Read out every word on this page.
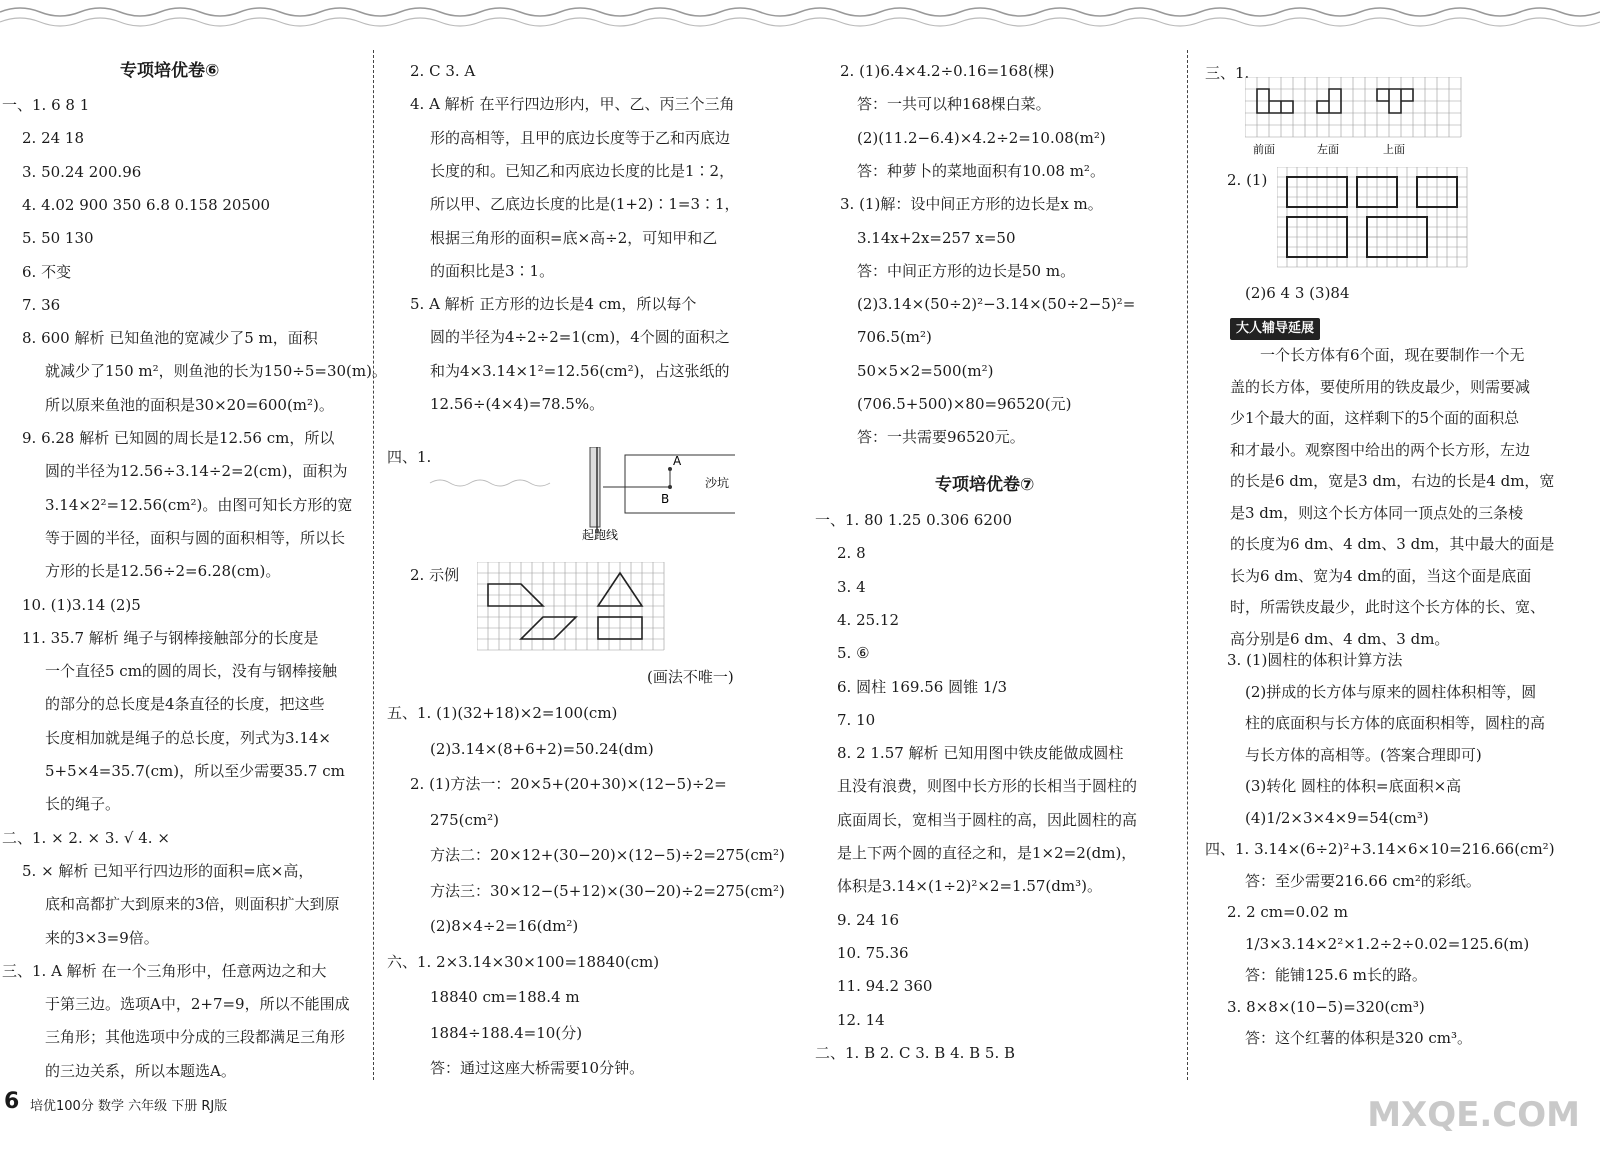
专项培优卷⑥
一、1. 6 8 1
2. 24 18
3. 50.24 200.96
4. 4.02 900 350 6.8 0.158 20500
5. 50 130
6. 不变
7. 36
8. 600 解析 已知鱼池的宽减少了5 m，面积
就减少了150 m²，则鱼池的长为150÷5=30(m)。
所以原来鱼池的面积是30×20=600(m²)。
9. 6.28 解析 已知圆的周长是12.56 cm，所以
圆的半径为12.56÷3.14÷2=2(cm)，面积为
3.14×2²=12.56(cm²)。由图可知长方形的宽
等于圆的半径，面积与圆的面积相等，所以长
方形的长是12.56÷2=6.28(cm)。
10. (1)3.14 (2)5
11. 35.7 解析 绳子与钢棒接触部分的长度是
一个直径5 cm的圆的周长，没有与钢棒接触
的部分的总长度是4条直径的长度，把这些
长度相加就是绳子的总长度，列式为3.14×
5+5×4=35.7(cm)，所以至少需要35.7 cm
长的绳子。
二、1. × 2. × 3. √ 4. ×
5. × 解析 已知平行四边形的面积=底×高，
底和高都扩大到原来的3倍，则面积扩大到原
来的3×3=9倍。
三、1. A 解析 在一个三角形中，任意两边之和大
于第三边。选项A中，2+7=9，所以不能围成
三角形；其他选项中分成的三段都满足三角形
的三边关系，所以本题选A。
2. C 3. A
4. A 解析 在平行四边形内，甲、乙、丙三个三角
形的高相等，且甲的底边长度等于乙和丙底边
长度的和。已知乙和丙底边长度的比是1∶2，
所以甲、乙底边长度的比是(1+2)∶1=3∶1，
根据三角形的面积=底×高÷2，可知甲和乙
的面积比是3∶1。
5. A 解析 正方形的边长是4 cm，所以每个
圆的半径为4÷2÷2=1(cm)，4个圆的面积之
和为4×3.14×1²=12.56(cm²)，占这张纸的
12.56÷(4×4)=78.5%。
四、1.	A
B
沙坑
起跑线
2. 示例
(画法不唯一)
五、1. (1)(32+18)×2=100(cm)
(2)3.14×(8+6+2)=50.24(dm)
2. (1)方法一：20×5+(20+30)×(12−5)÷2=
275(cm²)
方法二：20×12+(30−20)×(12−5)÷2=275(cm²)
方法三：30×12−(5+12)×(30−20)÷2=275(cm²)
(2)8×4÷2=16(dm²)
六、1. 2×3.14×30×100=18840(cm)
18840 cm=188.4 m
1884÷188.4=10(分)
答：通过这座大桥需要10分钟。
2. (1)6.4×4.2÷0.16=168(棵)
答：一共可以种168棵白菜。
(2)(11.2−6.4)×4.2÷2=10.08(m²)
答：种萝卜的菜地面积有10.08 m²。
3. (1)解：设中间正方形的边长是x m。
3.14x+2x=257 x=50
答：中间正方形的边长是50 m。
(2)3.14×(50÷2)²−3.14×(50÷2−5)²=
706.5(m²)
50×5×2=500(m²)
(706.5+500)×80=96520(元)
答：一共需要96520元。
专项培优卷⑦
一、1. 80 1.25 0.306 6200
2. 8
3. 4
4. 25.12
5. ⑥
6. 圆柱 169.56 圆锥 1/3
7. 10
8. 2 1.57 解析 已知用图中铁皮能做成圆柱
且没有浪费，则图中长方形的长相当于圆柱的
底面周长，宽相当于圆柱的高，因此圆柱的高
是上下两个圆的直径之和，是1×2=2(dm)，
体积是3.14×(1÷2)²×2=1.57(dm³)。
9. 24 16
10. 75.36
11. 94.2 360
12. 14
二、1. B 2. C 3. B 4. B 5. B
三、1.
前面	左面	上面
2. (1)
(2)6 4 3 (3)84
大人辅导延展
一个长方体有6个面，现在要制作一个无
盖的长方体，要使所用的铁皮最少，则需要减
少1个最大的面，这样剩下的5个面的面积总
和才最小。观察图中给出的两个长方形，左边
的长是6 dm，宽是3 dm，右边的长是4 dm，宽
是3 dm，则这个长方体同一顶点处的三条棱
的长度为6 dm、4 dm、3 dm，其中最大的面是
长为6 dm、宽为4 dm的面，当这个面是底面
时，所需铁皮最少，此时这个长方体的长、宽、
高分别是6 dm、4 dm、3 dm。
3. (1)圆柱的体积计算方法
(2)拼成的长方体与原来的圆柱体积相等，圆
柱的底面积与长方体的底面积相等，圆柱的高
与长方体的高相等。(答案合理即可)
(3)转化 圆柱的体积=底面积×高
(4)1/2×3×4×9=54(cm³)
四、1. 3.14×(6÷2)²+3.14×6×10=216.66(cm²)
答：至少需要216.66 cm²的彩纸。
2. 2 cm=0.02 m
1/3×3.14×2²×1.2÷2÷0.02=125.6(m)
答：能铺125.6 m长的路。
3. 8×8×(10−5)=320(cm³)
答：这个红薯的体积是320 cm³。
6 培优100分 数学 六年级 下册 RJ版	MXQE.COM
